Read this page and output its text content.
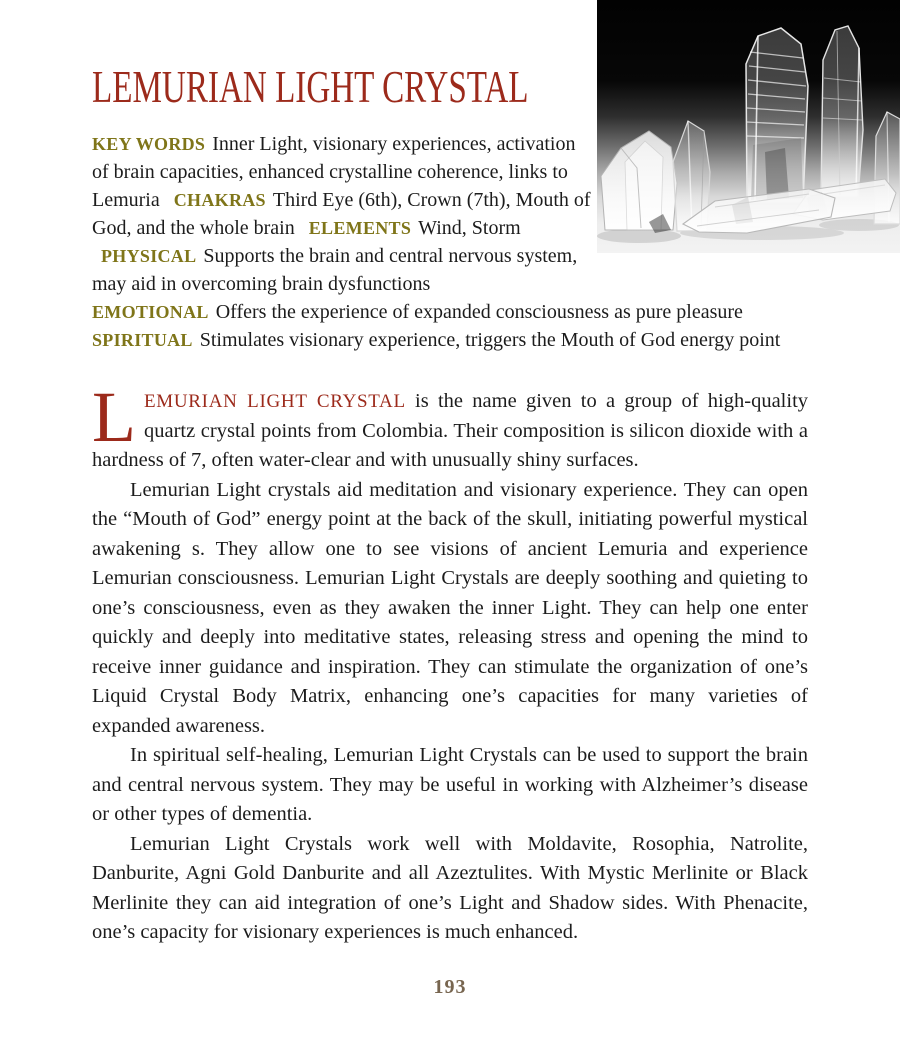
LEMURIAN LIGHT CRYSTAL

KEY WORDS Inner Light, visionary experiences, activation of brain capacities, enhanced crystalline coherence, links to Lemuria CHAKRAS Third Eye (6th), Crown (7th), Mouth of God, and the whole brain ELEMENTS Wind, Storm PHYSICAL Supports the brain and central nervous system, may aid in overcoming brain dysfunctions
EMOTIONAL Offers the experience of expanded consciousness as pure pleasure
SPIRITUAL Stimulates visionary experience, triggers the Mouth of God energy point

LEMURIAN LIGHT CRYSTAL is the name given to a group of high-quality quartz crystal points from Colombia. Their composition is silicon dioxide with a hardness of 7, often water-clear and with unusually shiny surfaces.

Lemurian Light crystals aid meditation and visionary experience. They can open the “Mouth of God” energy point at the back of the skull, initiating powerful mystical awakening s. They allow one to see visions of ancient Lemuria and experience Lemurian consciousness. Lemurian Light Crystals are deeply soothing and quieting to one’s consciousness, even as they awaken the inner Light. They can help one enter quickly and deeply into meditative states, releasing stress and opening the mind to receive inner guidance and inspiration. They can stimulate the organization of one’s Liquid Crystal Body Matrix, enhancing one’s capacities for many varieties of expanded awareness.

In spiritual self-healing, Lemurian Light Crystals can be used to support the brain and central nervous system. They may be useful in working with Alzheimer’s disease or other types of dementia.

Lemurian Light Crystals work well with Moldavite, Rosophia, Natrolite, Danburite, Agni Gold Danburite and all Azeztulites. With Mystic Merlinite or Black Merlinite they can aid integration of one’s Light and Shadow sides. With Phenacite, one’s capacity for visionary experiences is much enhanced.

193
